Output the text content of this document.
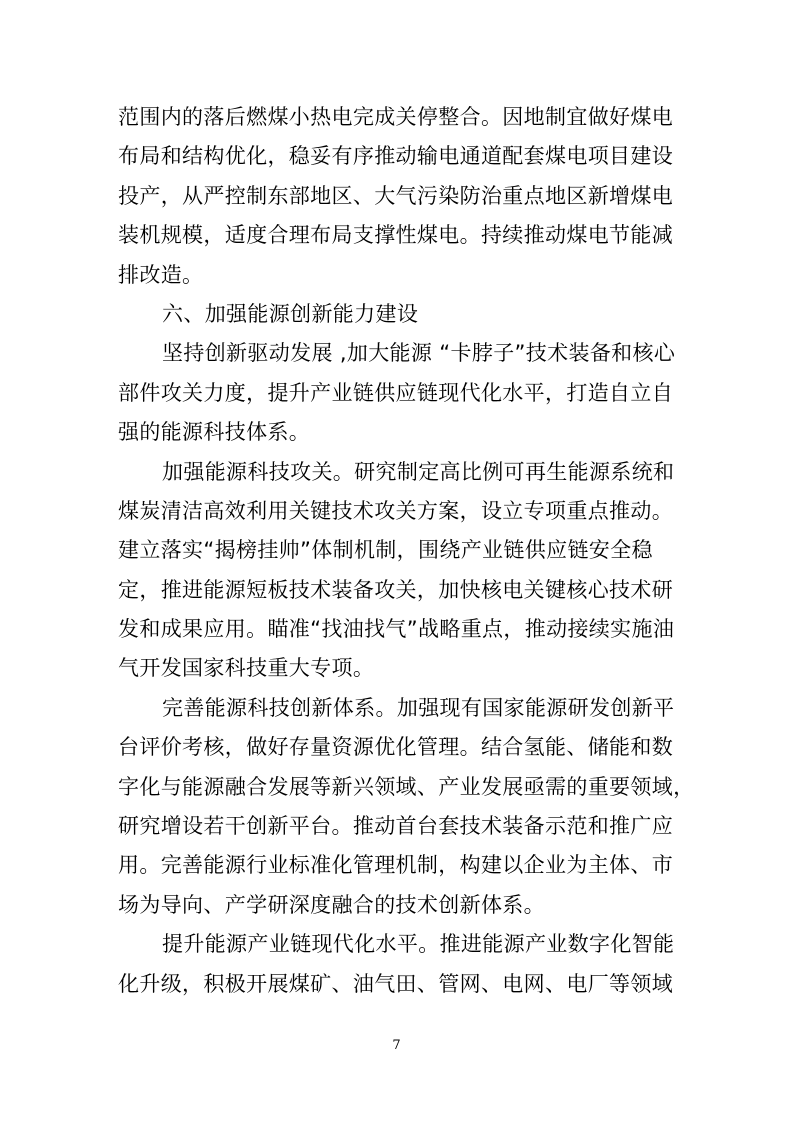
范围内的落后燃煤小热电完成关停整合。因地制宜做好煤电
布局和结构优化，稳妥有序推动输电通道配套煤电项目建设
投产，从严控制东部地区、大气污染防治重点地区新增煤电
装机规模，适度合理布局支撑性煤电。持续推动煤电节能减
排改造。
六、加强能源创新能力建设
坚持创新驱动发展 ,加大能源 “卡脖子”技术装备和核心
部件攻关力度，提升产业链供应链现代化水平，打造自立自
强的能源科技体系。
加强能源科技攻关。研究制定高比例可再生能源系统和
煤炭清洁高效利用关键技术攻关方案，设立专项重点推动。
建立落实“揭榜挂帅”体制机制，围绕产业链供应链安全稳
定，推进能源短板技术装备攻关，加快核电关键核心技术研
发和成果应用。瞄准“找油找气”战略重点，推动接续实施油
气开发国家科技重大专项。
完善能源科技创新体系。加强现有国家能源研发创新平
台评价考核，做好存量资源优化管理。结合氢能、储能和数
字化与能源融合发展等新兴领域、产业发展亟需的重要领域，
研究增设若干创新平台。推动首台套技术装备示范和推广应
用。完善能源行业标准化管理机制，构建以企业为主体、市
场为导向、产学研深度融合的技术创新体系。
提升能源产业链现代化水平。推进能源产业数字化智能
化升级，积极开展煤矿、油气田、管网、电网、电厂等领域
7
